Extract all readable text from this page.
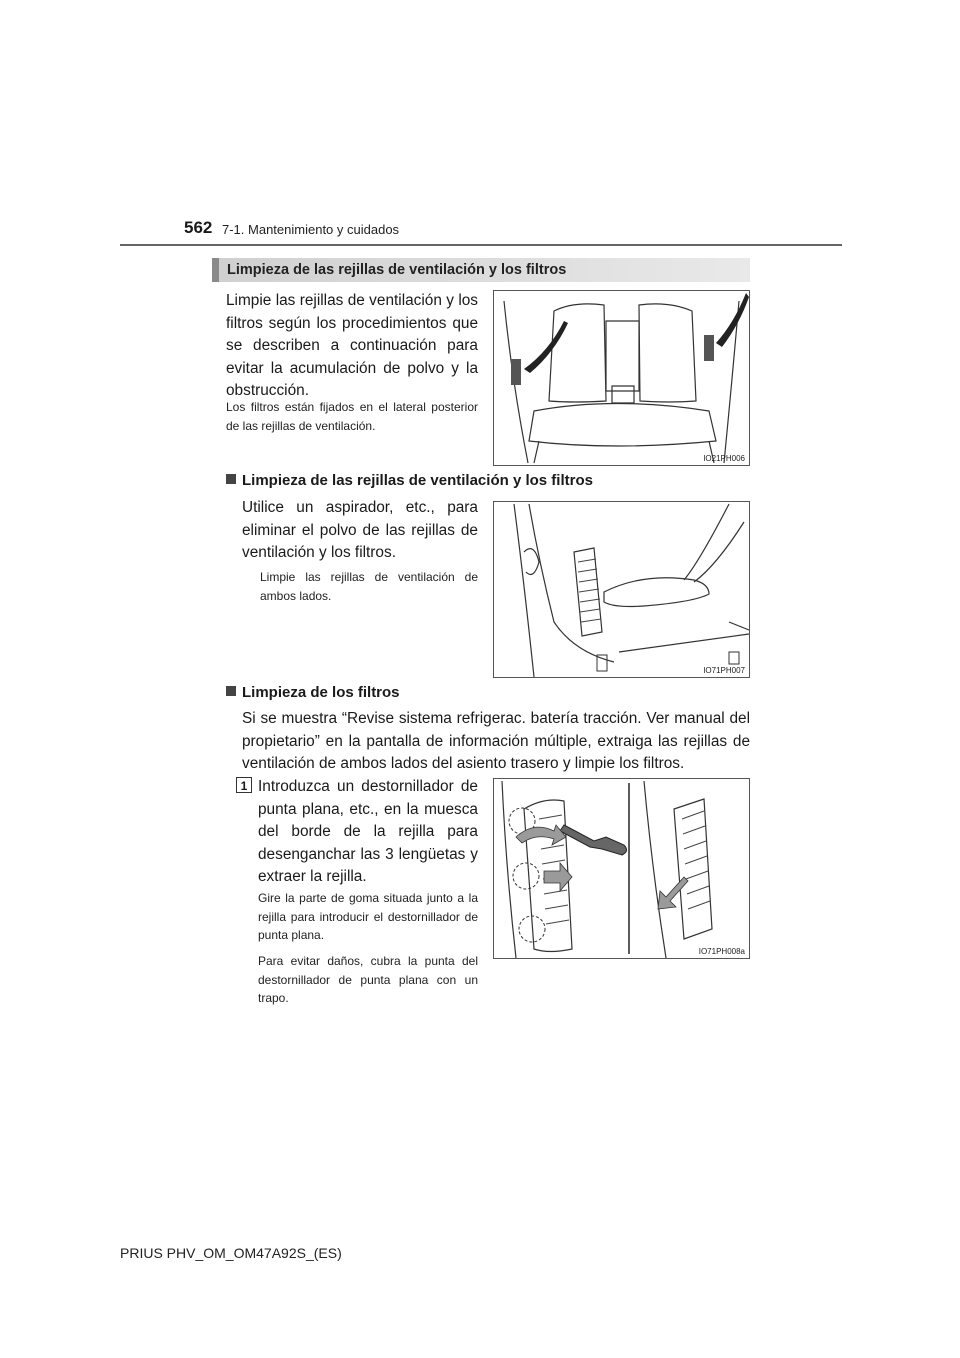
562 7-1. Mantenimiento y cuidados
Limpieza de las rejillas de ventilación y los filtros
Limpie las rejillas de ventilación y los filtros según los procedimientos que se describen a continuación para evitar la acumulación de polvo y la obstrucción.
Los filtros están fijados en el lateral posterior de las rejillas de ventilación.
IO21PH006
Limpieza de las rejillas de ventilación y los filtros
Utilice un aspirador, etc., para eliminar el polvo de las rejillas de ventilación y los filtros.
Limpie las rejillas de ventilación de ambos lados.
IO71PH007
Limpieza de los filtros
Si se muestra “Revise sistema refrigerac. batería tracción. Ver manual del propietario” en la pantalla de información múltiple, extraiga las rejillas de ventilación de ambos lados del asiento trasero y limpie los filtros.
1 Introduzca un destornillador de punta plana, etc., en la muesca del borde de la rejilla para desenganchar las 3 lengüetas y extraer la rejilla.
Gire la parte de goma situada junto a la rejilla para introducir el destornillador de punta plana.
Para evitar daños, cubra la punta del destornillador de punta plana con un trapo.
IO71PH008a
PRIUS PHV_OM_OM47A92S_(ES)
